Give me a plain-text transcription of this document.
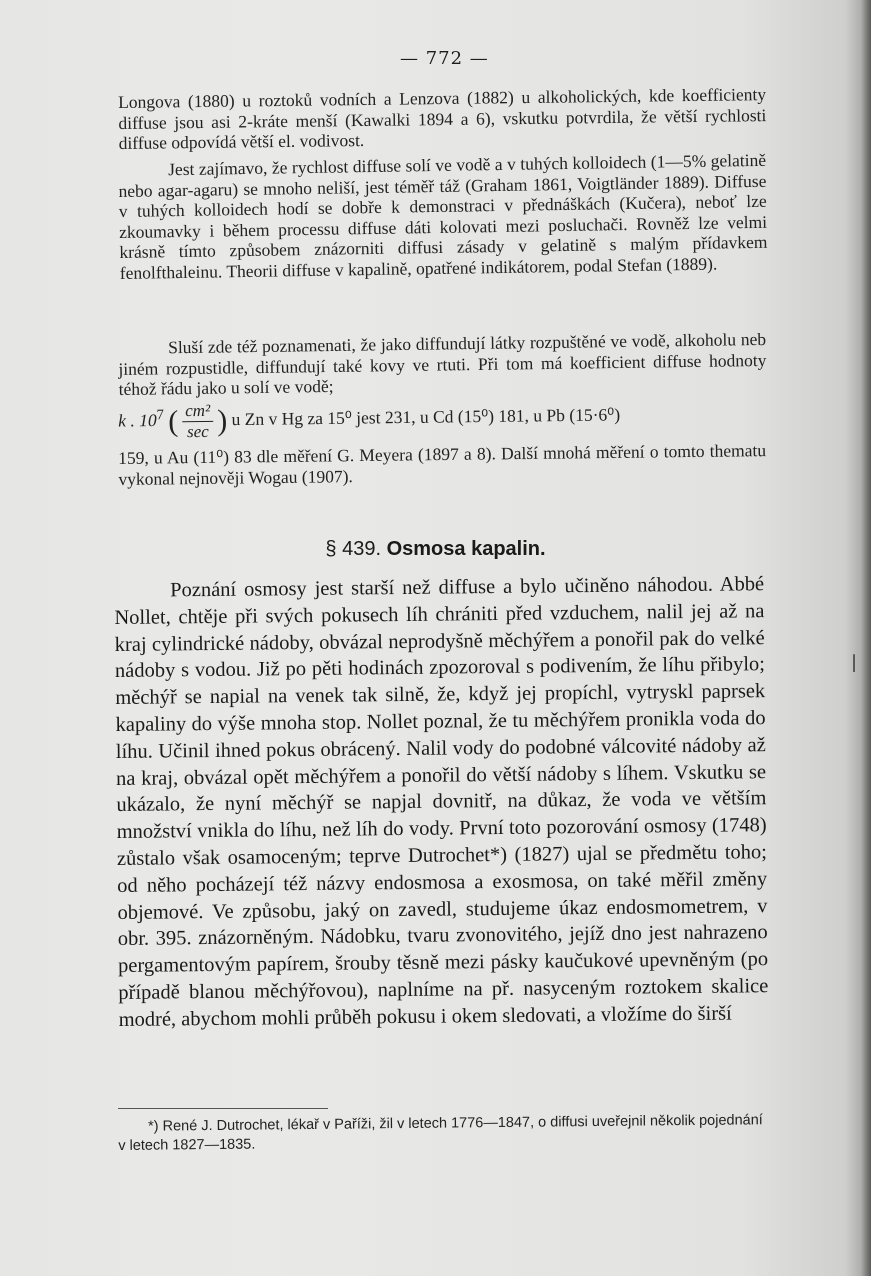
— 772 —

Longova (1880) u roztoků vodních a Lenzova (1882) u alkoholických, kde koefficienty diffuse jsou asi 2-kráte menší (Kawalki 1894 a 6), vskutku potvrdila, že větší rychlosti diffuse odpovídá větší el. vodivost.

Jest zajímavo, že rychlost diffuse solí ve vodě a v tuhých kolloidech (1—5% gelatině nebo agar-agaru) se mnoho neliší, jest téměř táž (Graham 1861, Voigtländer 1889). Diffuse v tuhých kolloidech hodí se dobře k demonstraci v přednáškách (Kučera), neboť lze zkoumavky i během processu diffuse dáti kolovati mezi posluchači. Rovněž lze velmi krásně tímto způsobem znázorniti diffusi zásady v gelatině s malým přídavkem fenolfthaleinu. Theorii diffuse v kapalině, opatřené indikátorem, podal Stefan (1889).

Sluší zde též poznamenati, že jako diffundují látky rozpuštěné ve vodě, alkoholu neb jiném rozpustidle, diffundují také kovy ve rtuti. Při tom má koefficient diffuse hodnoty téhož řádu jako u solí ve vodě;

k . $10^7$ ( $\frac{\text{cm²}}{\sec}$ ) u Zn v Hg za 15⁰ jest 231, u Cd (15⁰) 181, u Pb (15·6⁰)

159, u Au (11⁰) 83 dle měření G. Meyera (1897 a 8). Další mnohá měření o tomto thematu vykonal nejnověji Wogau (1907).

§ 439. Osmosa kapalin.

Poznání osmosy jest starší než diffuse a bylo učiněno náhodou. Abbé Nollet, chtěje při svých pokusech líh chrániti před vzduchem, nalil jej až na kraj cylindrické nádoby, obvázal neprodyšně měchýřem a ponořil pak do velké nádoby s vodou. Již po pěti hodinách zpozoroval s podivením, že líhu přibylo; měchýř se napial na venek tak silně, že, když jej propíchl, vytryskl paprsek kapaliny do výše mnoha stop. Nollet poznal, že tu měchýřem pronikla voda do líhu. Učinil ihned pokus obrácený. Nalil vody do podobné válcovité nádoby až na kraj, obvázal opět měchýřem a ponořil do větší nádoby s líhem. Vskutku se ukázalo, že nyní měchýř se napjal dovnitř, na důkaz, že voda ve větším množství vnikla do líhu, než líh do vody. První toto pozorování osmosy (1748) zůstalo však osamoceným; teprve Dutrochet*) (1827) ujal se předmětu toho; od něho pocházejí též názvy endosmosa a exosmosa, on také měřil změny objemové. Ve způsobu, jaký on zavedl, studujeme úkaz endosmometrem, v obr. 395. znázorněným. Nádobku, tvaru zvonovitého, jejíž dno jest nahrazeno pergamentovým papírem, šrouby těsně mezi pásky kaučukové upevněným (po případě blanou měchýřovou), naplníme na př. nasyceným roztokem skalice modré, abychom mohli průběh pokusu i okem sledovati, a vložíme do širší

|

*) René J. Dutrochet, lékař v Paříži, žil v letech 1776—1847, o diffusi uveřejnil několik pojednání v letech 1827—1835.
